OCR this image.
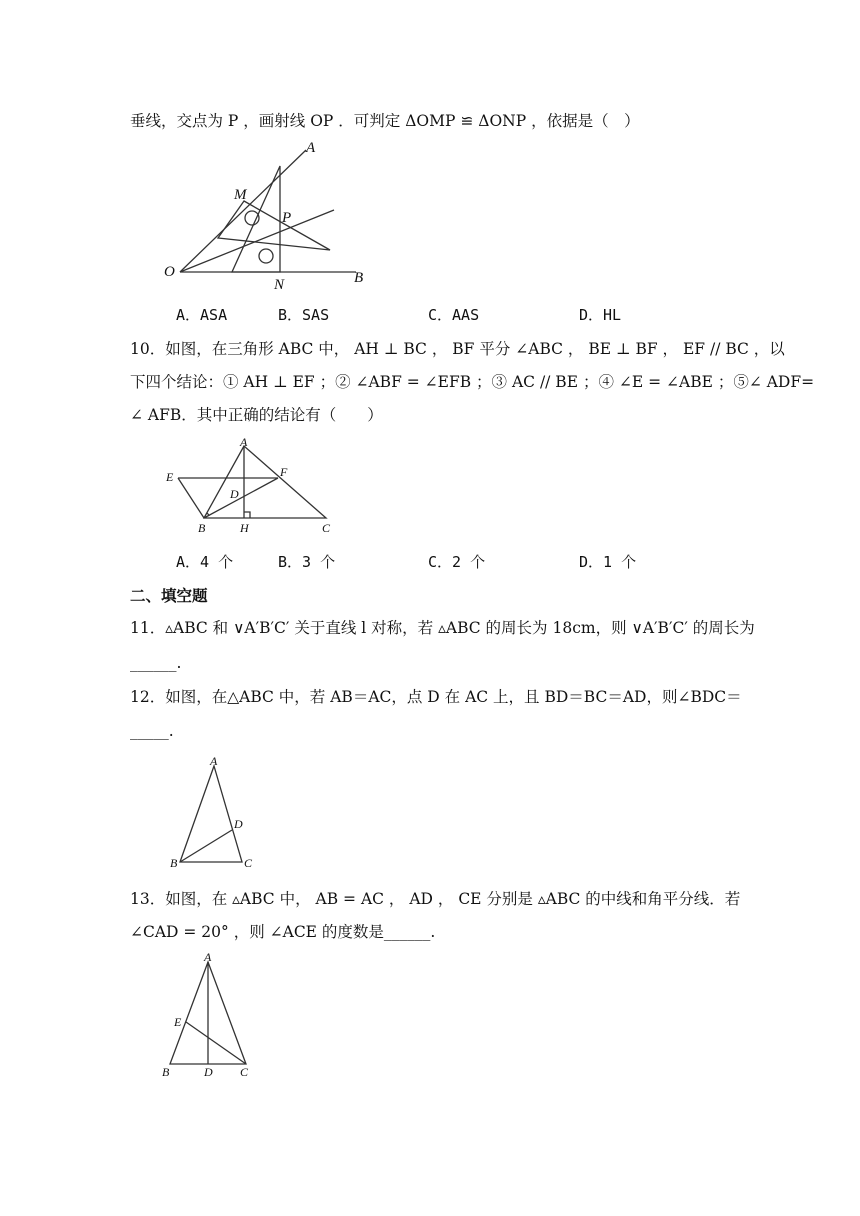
垂线，交点为 P ，画射线 OP ．可判定 ΔOMP ≌ ΔONP ，依据是（　）
A
M
P
O
N	B
A．ASA	B．SAS	C．AAS	D．HL
10．如图，在三角形 ABC 中， AH ⊥ BC ， BF 平分 ∠ABC ， BE ⊥ BF ， EF // BC ，以
下四个结论：① AH ⊥ EF ；② ∠ABF = ∠EFB ；③ AC // BE ；④ ∠E = ∠ABE ；⑤∠ ADF=
∠ AFB．其中正确的结论有（　　）
A
E	F
D
B	H	C
A．4 个	B．3 个	C．2 个	D．1 个
二、填空题
11．▵ABC 和 ∨A′B′C′ 关于直线 l 对称，若 ▵ABC 的周长为 18cm，则 ∨A′B′C′ 的周长为
______.
12．如图，在△ABC 中，若 AB＝AC，点 D 在 AC 上，且 BD＝BC＝AD，则∠BDC＝
_____.
A
D
B	C
13．如图，在 ▵ABC 中， AB = AC ， AD ， CE 分别是 ▵ABC 的中线和角平分线．若
∠CAD = 20° ，则 ∠ACE 的度数是______.
A
E
B	D C
